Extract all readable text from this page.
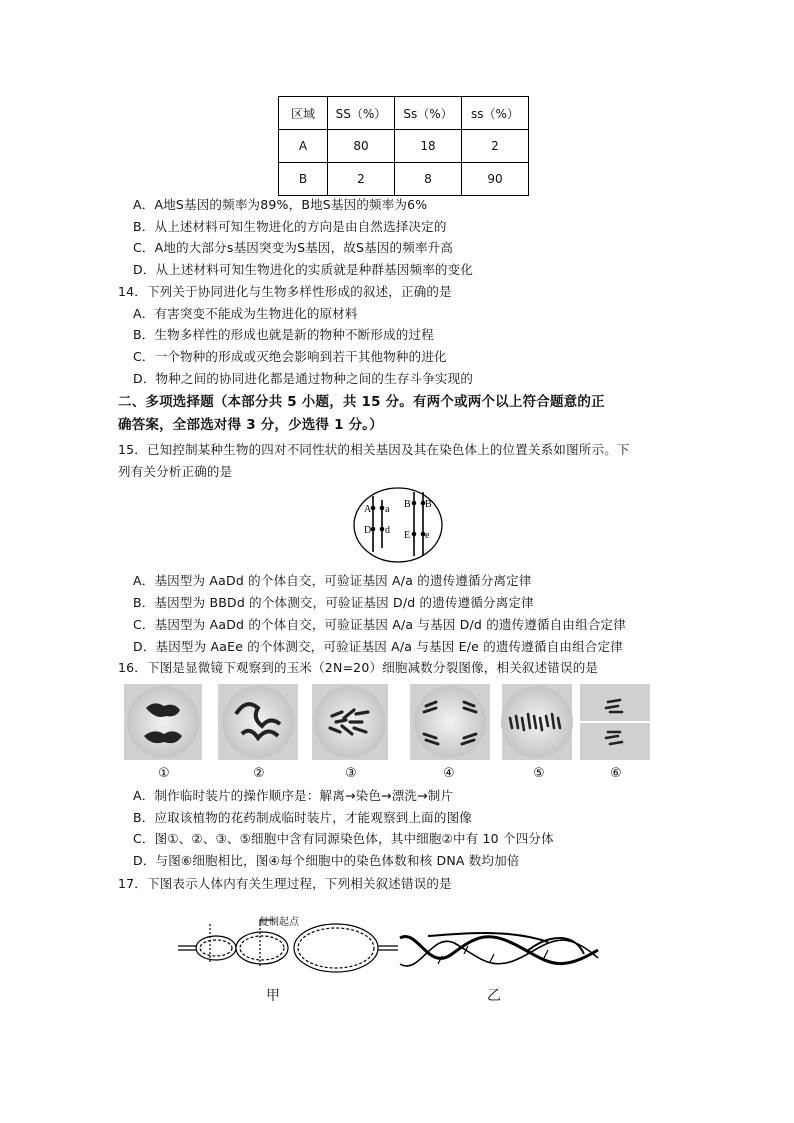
区域	SS（%）	Ss（%）	ss（%）
A	80	18	2
B	2	8	90
A．A地S基因的频率为89%，B地S基因的频率为6%
B．从上述材料可知生物进化的方向是由自然选择决定的
C．A地的大部分s基因突变为S基因，故S基因的频率升高
D．从上述材料可知生物进化的实质就是种群基因频率的变化
14．下列关于协同进化与生物多样性形成的叙述，正确的是
A．有害突变不能成为生物进化的原材料
B．生物多样性的形成也就是新的物种不断形成的过程
C．一个物种的形成或灭绝会影响到若干其他物种的进化
D．物种之间的协同进化都是通过物种之间的生存斗争实现的
二、多项选择题（本部分共 5 小题，共 15 分。有两个或两个以上符合题意的正
确答案，全部选对得 3 分，少选得 1 分。）
15．已知控制某种生物的四对不同性状的相关基因及其在染色体上的位置关系如图所示。下
列有关分析正确的是
A a
D d
B B
E e
A．基因型为 AaDd 的个体自交，可验证基因 A/a 的遗传遵循分离定律
B．基因型为 BBDd 的个体测交，可验证基因 D/d 的遗传遵循分离定律
C．基因型为 AaDd 的个体自交，可验证基因 A/a 与基因 D/d 的遗传遵循自由组合定律
D．基因型为 AaEe 的个体测交，可验证基因 A/a 与基因 E/e 的遗传遵循自由组合定律
16．下图是显微镜下观察到的玉米（2N=20）细胞减数分裂图像，相关叙述错误的是
①	②	③	④	⑤	⑥
A．制作临时装片的操作顺序是：解离→染色→漂洗→制片
B．应取该植物的花药制成临时装片，才能观察到上面的图像
C．图①、②、③、⑤细胞中含有同源染色体，其中细胞②中有 10 个四分体
D．与图⑥细胞相比，图④每个细胞中的染色体数和核 DNA 数均加倍
17．下图表示人体内有关生理过程，下列相关叙述错误的是
复制起点
甲	乙
